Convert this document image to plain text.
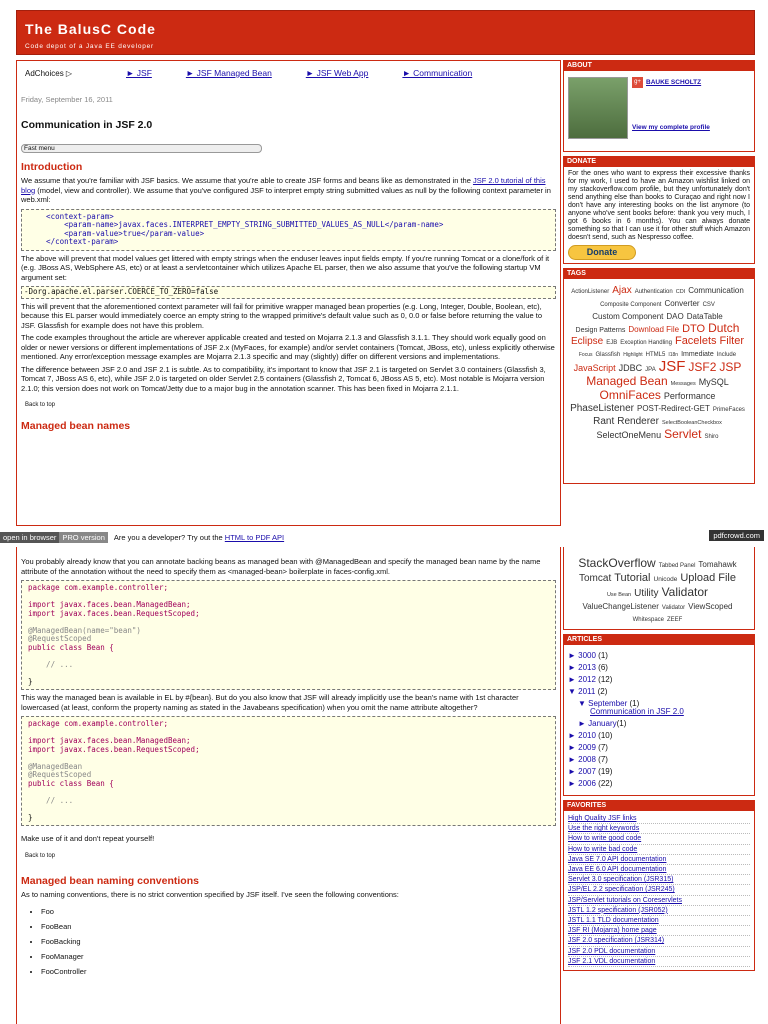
The BalusC Code
Code depot of a Java EE developer
AdChoices ▷	► JSF	► JSF Managed Bean	► JSF Web App	► Communication
Friday, September 16, 2011
Communication in JSF 2.0
Fast menu
Introduction

We assume that you're familiar with JSF basics. We assume that you're able to create JSF forms and beans like as demonstrated in the JSF 2.0 tutorial of this blog (model, view and controller). We assume that you've configured JSF to interpret empty string submitted values as null by the following context parameter in web.xml:

<context-param>
<param-name>javax.faces.INTERPRET_EMPTY_STRING_SUBMITTED_VALUES_AS_NULL</param-name>
<param-value>true</param-value>
</context-param>

The above will prevent that model values get littered with empty strings when the enduser leaves input fields empty. If you're running Tomcat or a clone/fork of it (e.g. JBoss AS, WebSphere AS, etc) or at least a servletcontainer which utilizes Apache EL parser, then we also assume that you've the following startup VM argument set:

-Dorg.apache.el.parser.COERCE_TO_ZERO=false

This will prevent that the aforementioned context parameter will fail for primitive wrapper managed bean properties (e.g. Long, Integer, Double, Boolean, etc), because this EL parser would immediately coerce an empty string to the wrapped primitive's default value such as 0, 0.0 or false before returning the value to JSF. Glassfish for example does not have this problem.

The code examples throughout the article are wherever applicable created and tested on Mojarra 2.1.3 and Glassfish 3.1.1. They should work equally good on older or newer versions or different implementations of JSF 2.x (MyFaces, for example) and/or servlet containers (Tomcat, JBoss, etc), unless explicitly otherwise mentioned. Any error/exception message examples are Mojarra 2.1.3 specific and may (slightly) differ on different versions and implementations.

The difference between JSF 2.0 and JSF 2.1 is subtle. As to compatibility, it's important to know that JSF 2.1 is targeted on Servlet 3.0 containers (Glassfish 3, Tomcat 7, JBoss AS 6, etc), while JSF 2.0 is targeted on older Servlet 2.5 containers (Glassfish 2, Tomcat 6, JBoss AS 5, etc). Most notable is Mojarra version 2.1.0; this version does not work on Tomcat/Jetty due to a major bug in the annotation scanner. This has been fixed in Mojarra 2.1.1.

Back to top
Managed bean names
open in browser PRO version	Are you a developer? Try out the HTML to PDF API	pdfcrowd.com

You probably already know that you can annotate backing beans as managed bean with @ManagedBean and specify the managed bean name by the name attribute of the annotation without the need to specify them as <managed-bean> boilerplate in faces-config.xml.

package com.example.controller;

import javax.faces.bean.ManagedBean;
import javax.faces.bean.RequestScoped;

@ManagedBean(name="bean")
@RequestScoped
public class Bean {

// ...

}

This way the managed bean is available in EL by #{bean}. But do you also know that JSF will already implicitly use the bean's name with 1st character lowercased (at least, conform the property naming as stated in the Javabeans specification) when you omit the name attribute altogether?

package com.example.controller;

import javax.faces.bean.ManagedBean;
import javax.faces.bean.RequestScoped;

@ManagedBean
@RequestScoped
public class Bean {

// ...

}

Make use of it and don't repeat yourself!

Back to top
Managed bean naming conventions

As to naming conventions, there is no strict convention specified by JSF itself. I've seen the following conventions:

• Foo
• FooBean
• FooBacking
• FooManager
• FooController
ABOUT
g+ BAUKE SCHOLTZ
View my complete profile
DONATE
For the ones who want to express their excessive thanks for my work, I used to have an Amazon wishlist linked on my stackoverflow.com profile, but they unfortunately don't send anything else than books to Curaçao and right now I don't have any interesting books on the list anymore (to anyone who've sent books before: thank you very much, I got 6 books in 6 months). You can always donate something so that I can use it for other stuff which Amazon doesn't send, such as Nespresso coffee.
Donate
TAGS
ActionListener Ajax Authentication CDI CommunicationComposite Component Converter CSVCustom Component DAO DataTableDesign Patterns Download File DTO DutchEclipse EJB Exception Handling Facelets FilterFocus Glassfish Highlight HTML5 I18n Immediate IncludeJavaScript JDBC JPA JSF JSF2 JSPManaged Bean Messages MySQLOmniFaces PerformancePhaseListener POST-Redirect-GET PrimeFacesRant Renderer SelectBooleanCheckboxSelectOneMenu Servlet Shiro
StackOverflow Tabbed Panel TomahawkTomcat Tutorial Unicode Upload FileUse Bean Utility ValidatorValueChangeListener Validator ViewScopedWhitespace ZEEF
ARTICLES
► 3000 (1)
► 2013 (6)
► 2012 (12)
▼ 2011 (2)
▼ September (1)
Communication in JSF 2.0
► January(1)
► 2010 (10)
► 2009 (7)
► 2008 (7)
► 2007 (19)
► 2006 (22)
FAVORITES
High Quality JSF links
Use the right keywords
How to write good code
How to write bad code
Java SE 7.0 API documentation
Java EE 6.0 API documentation
Servlet 3.0 specification (JSR315)
JSP/EL 2.2 specification (JSR245)
JSP/Servlet tutorials on Coreservlets
JSTL 1.2 specification (JSR052)
JSTL 1.1 TLD documentation
JSF RI (Mojarra) home page
JSF 2.0 specification (JSR314)
JSF 2.0 PDL documentation
JSF 2.1 VDL documentation
